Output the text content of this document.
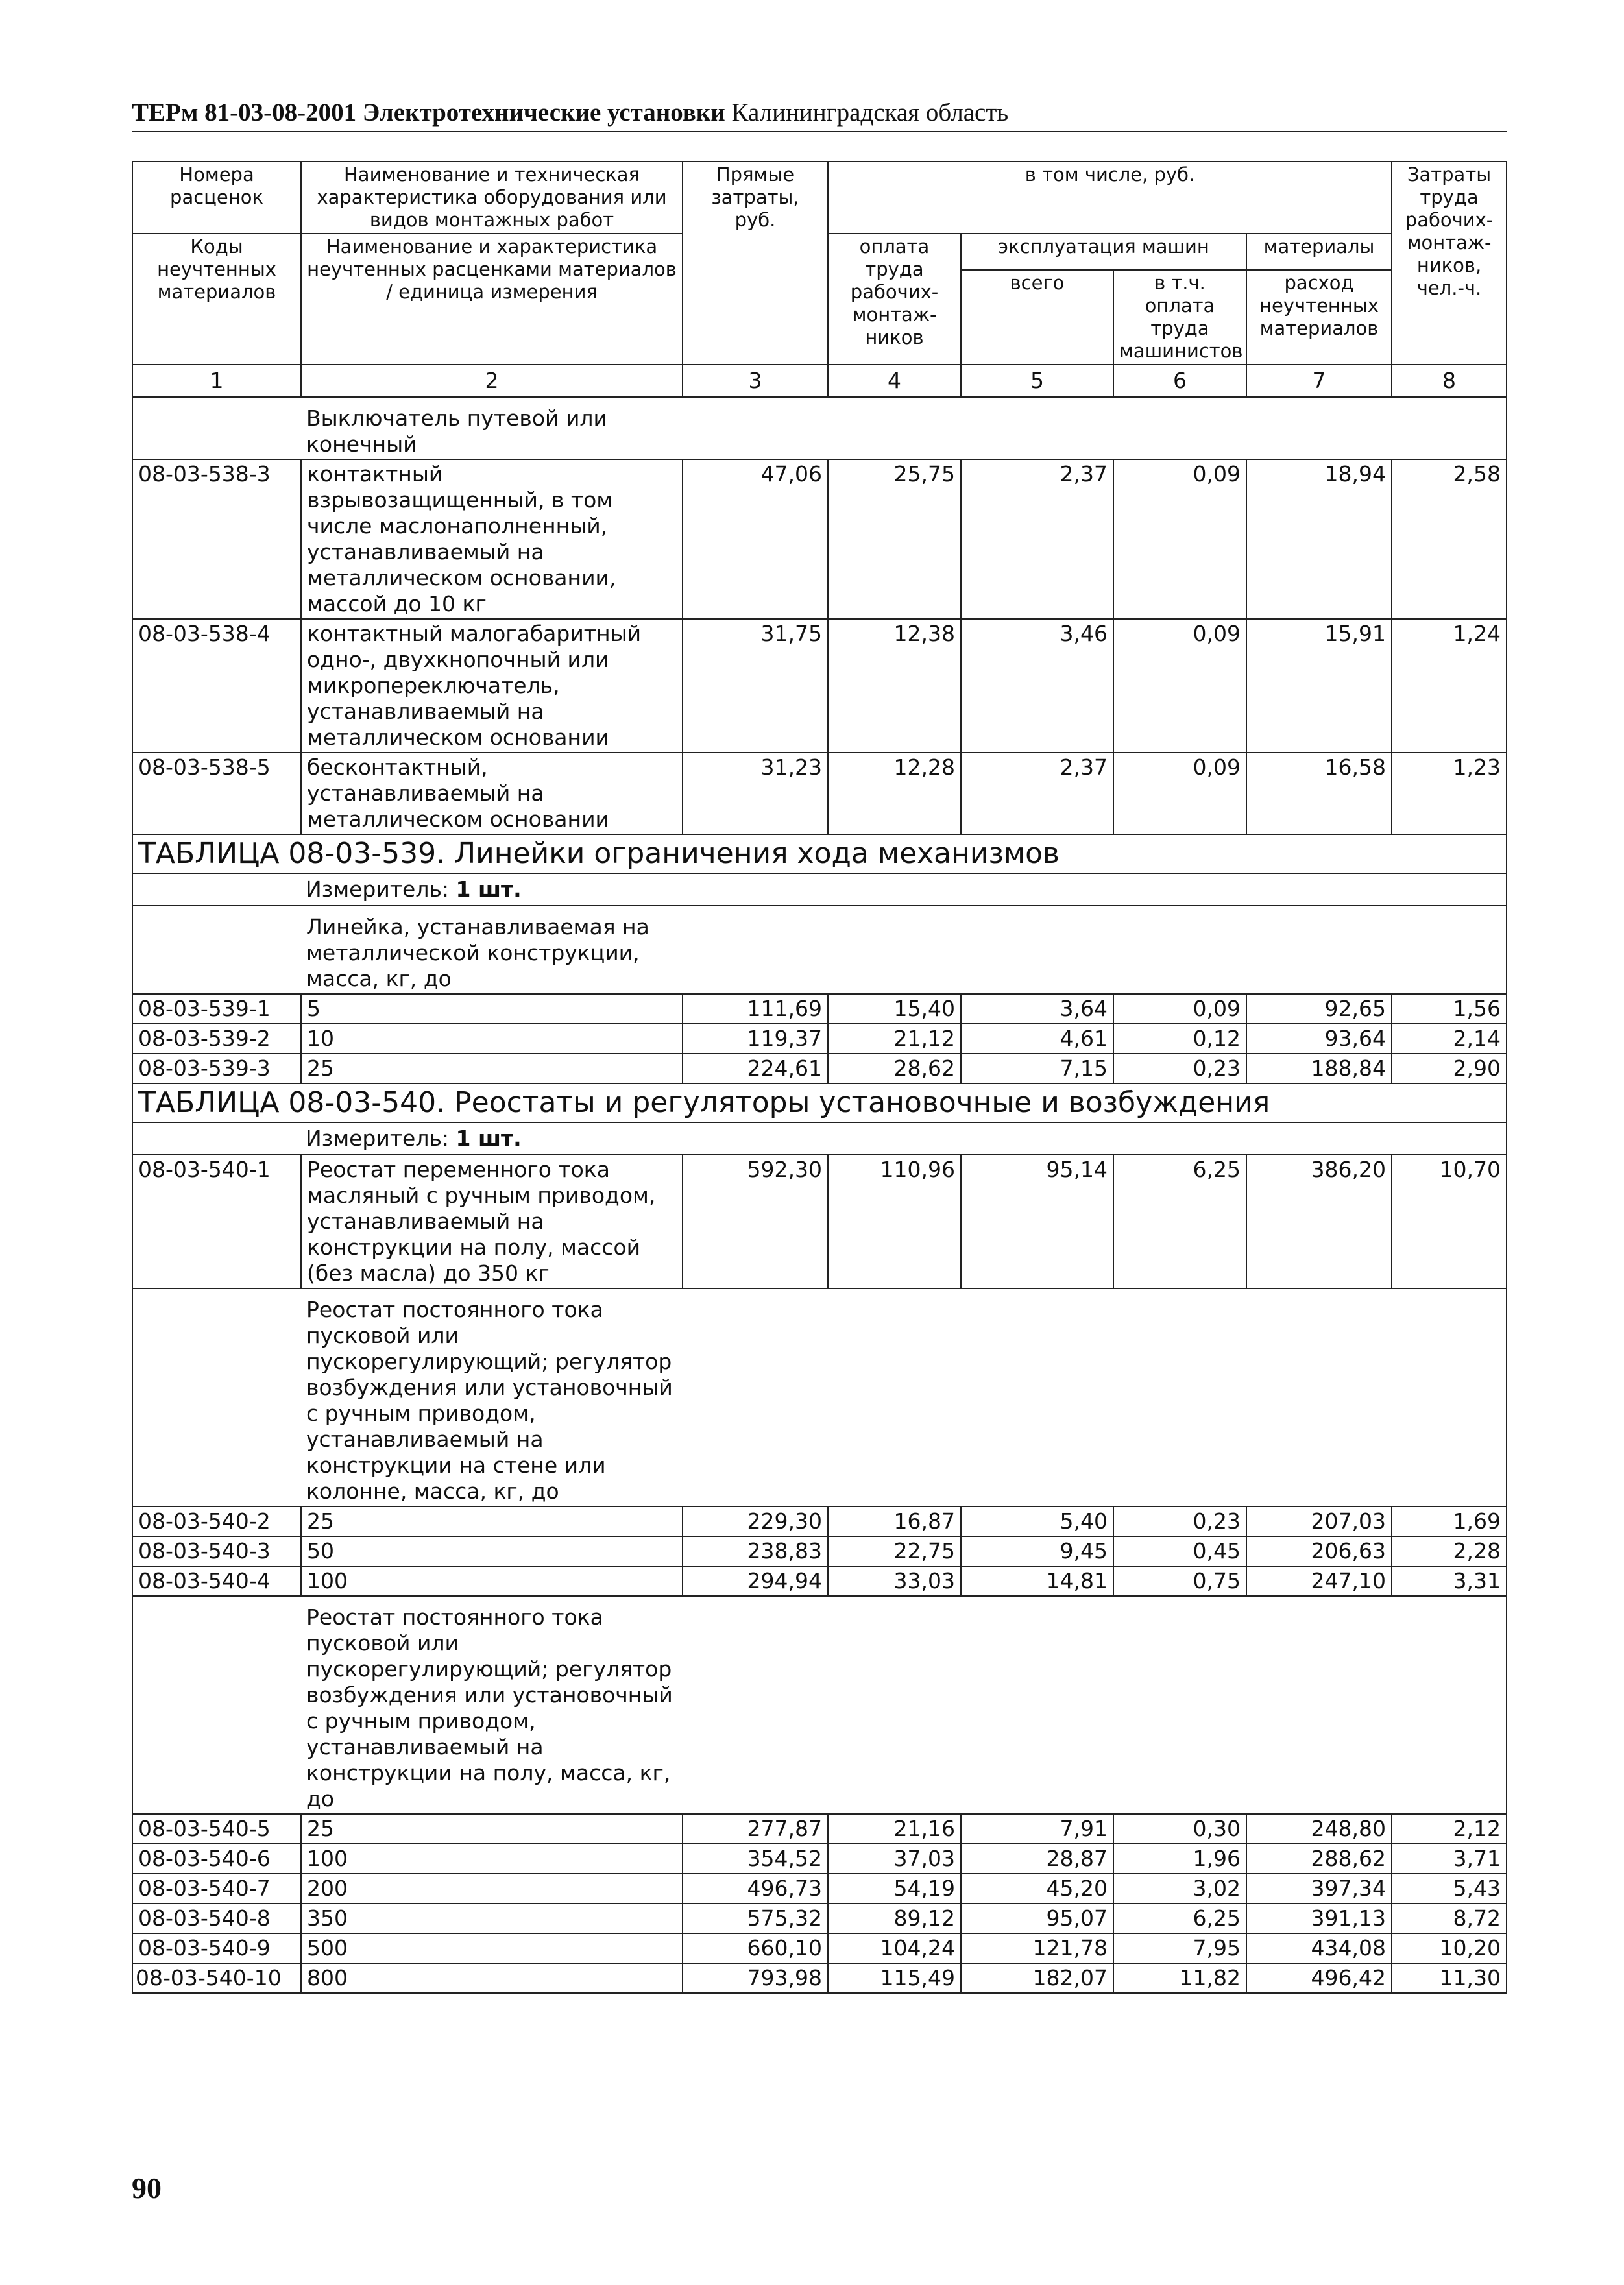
ТЕРм 81-03-08-2001 Электротехнические установки Калининградская область
Номера расценок	Наименование и техническая характеристика оборудования или видов монтажных работ	Прямые затраты, руб.	в том числе, руб.				Затраты труда рабочих-монтаж-ников, чел.-ч.
Коды неучтенных материалов	Наименование и характеристика неучтенных расценками материалов / единица измерения		оплата труда рабочих-монтаж-ников	эксплуатация машин		материалы	
				всего	в т.ч. оплата труда машинистов	расход неучтенных материалов	
1	2	3	4	5	6	7	8

	Выключатель путевой или конечный						

08-03-538-3	контактный взрывозащищенный, в том числе маслонаполненный, устанавливаемый на металлическом основании, массой до 10 кг	47,06	25,75	2,37	0,09	18,94	2,58
08-03-538-4	контактный малогабаритный одно-, двухкнопочный или микропереключатель, устанавливаемый на металлическом основании	31,75	12,38	3,46	0,09	15,91	1,24
08-03-538-5	бесконтактный, устанавливаемый на металлическом основании	31,23	12,28	2,37	0,09	16,58	1,23
ТАБЛИЦА 08-03-539. Линейки ограничения хода механизмов							

Измеритель: 1 шт.							

	Линейка, устанавливаемая на металлической конструкции, масса, кг, до						

08-03-539-1	5	111,69	15,40	3,64	0,09	92,65	1,56
08-03-539-2	10	119,37	21,12	4,61	0,12	93,64	2,14
08-03-539-3	25	224,61	28,62	7,15	0,23	188,84	2,90
ТАБЛИЦА 08-03-540. Реостаты и регуляторы установочные и возбуждения							

Измеритель: 1 шт.							

08-03-540-1	Реостат переменного тока масляный с ручным приводом, устанавливаемый на конструкции на полу, массой (без масла) до 350 кг	592,30	110,96	95,14	6,25	386,20	10,70

	Реостат постоянного тока пусковой или пускорегулирующий; регулятор возбуждения или установочный с ручным приводом, устанавливаемый на конструкции на стене или колонне, масса, кг, до						

08-03-540-2	25	229,30	16,87	5,40	0,23	207,03	1,69
08-03-540-3	50	238,83	22,75	9,45	0,45	206,63	2,28
08-03-540-4	100	294,94	33,03	14,81	0,75	247,10	3,31

	Реостат постоянного тока пусковой или пускорегулирующий; регулятор возбуждения или установочный с ручным приводом, устанавливаемый на конструкции на полу, масса, кг, до						

08-03-540-5	25	277,87	21,16	7,91	0,30	248,80	2,12
08-03-540-6	100	354,52	37,03	28,87	1,96	288,62	3,71
08-03-540-7	200	496,73	54,19	45,20	3,02	397,34	5,43
08-03-540-8	350	575,32	89,12	95,07	6,25	391,13	8,72
08-03-540-9	500	660,10	104,24	121,78	7,95	434,08	10,20
08-03-540-10	800	793,98	115,49	182,07	11,82	496,42	11,30
90
